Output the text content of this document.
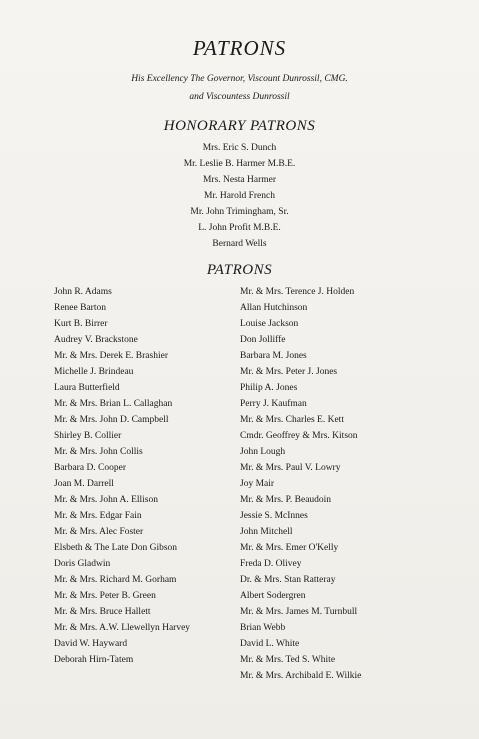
PATRONS
His Excellency The Governor, Viscount Dunrossil, CMG.
and Viscountess Dunrossil
HONORARY PATRONS
Mrs. Eric S. Dunch
Mr. Leslie B. Harmer M.B.E.
Mrs. Nesta Harmer
Mr. Harold French
Mr. John Trimingham, Sr.
L. John Profit M.B.E.
Bernard Wells
PATRONS
John R. Adams
Renee Barton
Kurt B. Birrer
Audrey V. Brackstone
Mr. & Mrs. Derek E. Brashier
Michelle J. Brindeau
Laura Butterfield
Mr. & Mrs. Brian L. Callaghan
Mr. & Mrs. John D. Campbell
Shirley B. Collier
Mr. & Mrs. John Collis
Barbara D. Cooper
Joan M. Darrell
Mr. & Mrs. John A. Ellison
Mr. & Mrs. Edgar Fain
Mr. & Mrs. Alec Foster
Elsbeth & The Late Don Gibson
Doris Gladwin
Mr. & Mrs. Richard M. Gorham
Mr. & Mrs. Peter B. Green
Mr. & Mrs. Bruce Hallett
Mr. & Mrs. A.W. Llewellyn Harvey
David W. Hayward
Deborah Hirn-Tatem
Mr. & Mrs. Terence J. Holden
Allan Hutchinson
Louise Jackson
Don Jolliffe
Barbara M. Jones
Mr. & Mrs. Peter J. Jones
Philip A. Jones
Perry J. Kaufman
Mr. & Mrs. Charles E. Kett
Cmdr. Geoffrey & Mrs. Kitson
John Lough
Mr. & Mrs. Paul V. Lowry
Joy Mair
Mr. & Mrs. P. Beaudoin
Jessie S. McInnes
John Mitchell
Mr. & Mrs. Emer O'Kelly
Freda D. Olivey
Dr. & Mrs. Stan Ratteray
Albert Sodergren
Mr. & Mrs. James M. Turnbull
Brian Webb
David L. White
Mr. & Mrs. Ted S. White
Mr. & Mrs. Archibald E. Wilkie
